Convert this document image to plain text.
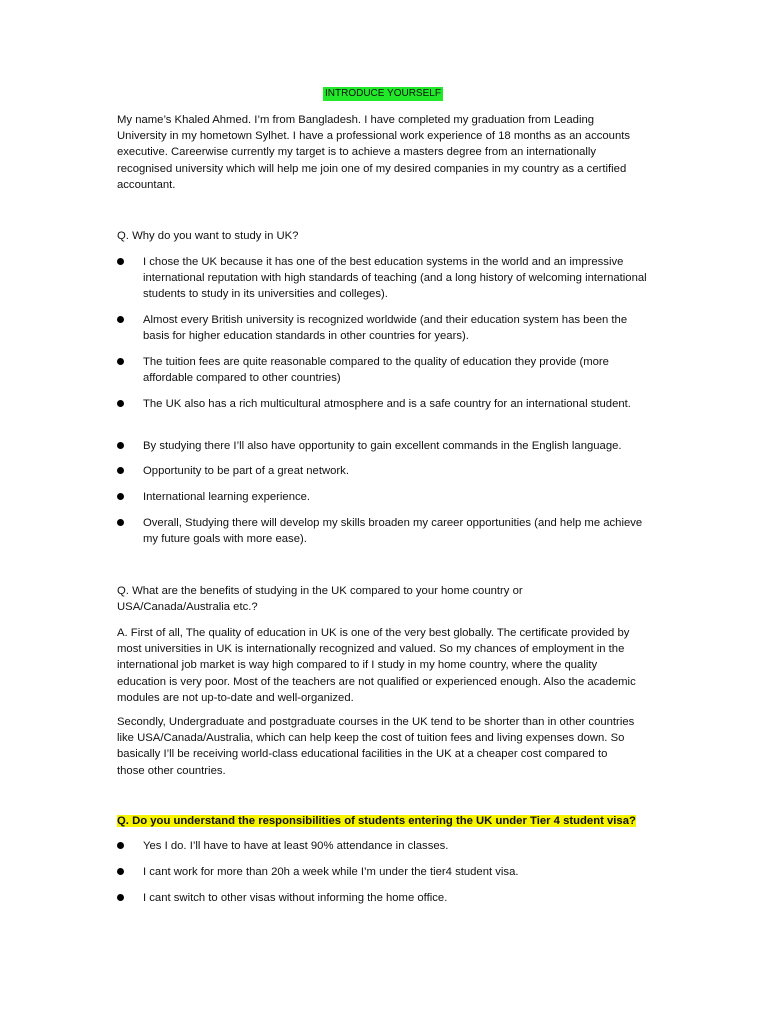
INTRODUCE YOURSELF

My name’s Khaled Ahmed. I’m from Bangladesh. I have completed my graduation from Leading University in my hometown Sylhet. I have a professional work experience of 18 months as an accounts executive. Careerwise currently my target is to achieve a masters degree from an internationally recognised university which will help me join one of my desired companies in my country as a certified accountant.

Q. Why do you want to study in UK?

I chose the UK because it has one of the best education systems in the world and an impressive international reputation with high standards of teaching (and a long history of welcoming international students to study in its universities and colleges).

Almost every British university is recognized worldwide (and their education system has been the basis for higher education standards in other countries for years).

The tuition fees are quite reasonable compared to the quality of education they provide (more affordable compared to other countries)

The UK also has a rich multicultural atmosphere and is a safe country for an international student.

By studying there I’ll also have opportunity to gain excellent commands in the English language.

Opportunity to be part of a great network.

International learning experience.

Overall, Studying there will develop my skills broaden my career opportunities (and help me achieve my future goals with more ease).

Q. What are the benefits of studying in the UK compared to your home country or USA/Canada/Australia etc.?

A. First of all, The quality of education in UK is one of the very best globally. The certificate provided by most universities in UK is internationally recognized and valued. So my chances of employment in the international job market is way high compared to if I study in my home country, where the quality education is very poor. Most of the teachers are not qualified or experienced enough. Also the academic modules are not up-to-date and well-organized.

Secondly, Undergraduate and postgraduate courses in the UK tend to be shorter than in other countries like USA/Canada/Australia, which can help keep the cost of tuition fees and living expenses down. So basically I’ll be receiving world-class educational facilities in the UK at a cheaper cost compared to those other countries.

Q. Do you understand the responsibilities of students entering the UK under Tier 4 student visa?

Yes I do. I’ll have to have at least 90% attendance in classes.

I cant work for more than 20h a week while I’m under the tier4 student visa.

I cant switch to other visas without informing the home office.
